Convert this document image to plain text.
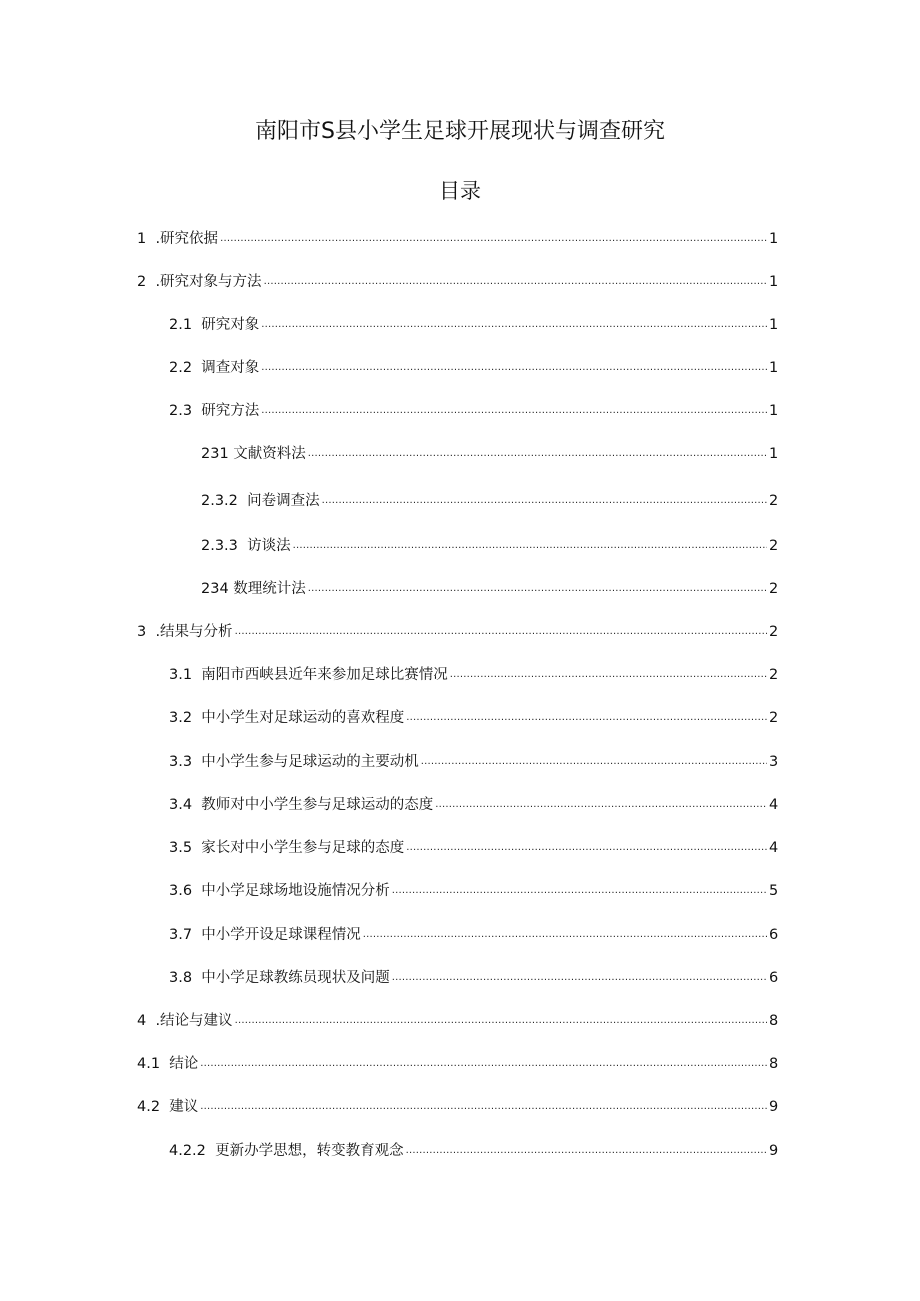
南阳市S县小学生足球开展现状与调查研究
目录
1 .研究依据 .....	1
2 .研究对象与方法 .....	1
2.1 研究对象 .....	1
2.2 调查对象 .....	1
2.3 研究方法 .....	1
231 文献资料法 .....	1
2.3.2 问卷调查法 .....	2
2.3.3 访谈法 .....	2
234 数理统计法 .....	2
3 .结果与分析 .....	2
3.1 南阳市西峡县近年来参加足球比赛情况 .....	2
3.2 中小学生对足球运动的喜欢程度 .....	2
3.3 中小学生参与足球运动的主要动机 .....	3
3.4 教师对中小学生参与足球运动的态度 .....	4
3.5 家长对中小学生参与足球的态度 .....	4
3.6 中小学足球场地设施情况分析 .....	5
3.7 中小学开设足球课程情况 .....	6
3.8 中小学足球教练员现状及问题 .....	6
4 .结论与建议 .....	8
4.1 结论 .....	8
4.2 建议 .....	9
4.2.2 更新办学思想，转变教育观念 .....	9
